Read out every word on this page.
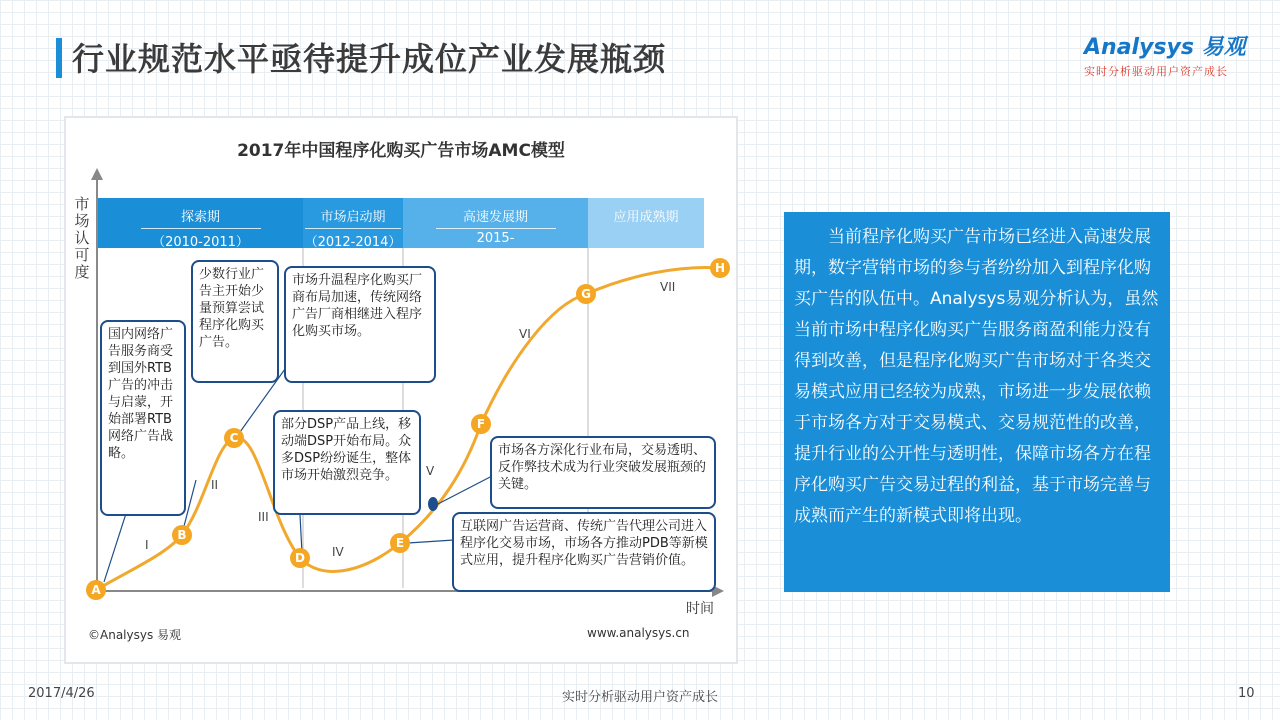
行业规范水平亟待提升成位产业发展瓶颈	Analysys 易观
实时分析驱动用户资产成长
2017年中国程序化购买广告市场AMC模型
探索期
（2010-2011）
市场启动期
（2012-2014）
高速发展期
2015-
应用成熟期
A
B
C
D
E
F
G
H
I
II
III
IV
V
VI
VII
国内网络广告服务商受到国外RTB广告的冲击与启蒙，开始部署RTB网络广告战略。
少数行业广告主开始少量预算尝试程序化购买广告。
市场升温程序化购买厂商布局加速，传统网络广告厂商相继进入程序化购买市场。
部分DSP产品上线，移动端DSP开始布局。众多DSP纷纷诞生，整体市场开始激烈竞争。
市场各方深化行业布局，交易透明、反作弊技术成为行业突破发展瓶颈的关键。
互联网广告运营商、传统广告代理公司进入程序化交易市场，市场各方推动PDB等新模式应用，提升程序化购买广告营销价值。
市场认可度
时间
©Analysys 易观	www.analysys.cn
当前程序化购买广告市场已经进入高速发展期，数字营销市场的参与者纷纷加入到程序化购买广告的队伍中。Analysys易观分析认为，虽然当前市场中程序化购买广告服务商盈利能力没有得到改善，但是程序化购买广告市场对于各类交易模式应用已经较为成熟，市场进一步发展依赖于市场各方对于交易模式、交易规范性的改善，提升行业的公开性与透明性，保障市场各方在程序化购买广告交易过程的利益，基于市场完善与成熟而产生的新模式即将出现。
2017/4/26	实时分析驱动用户资产成长	10
